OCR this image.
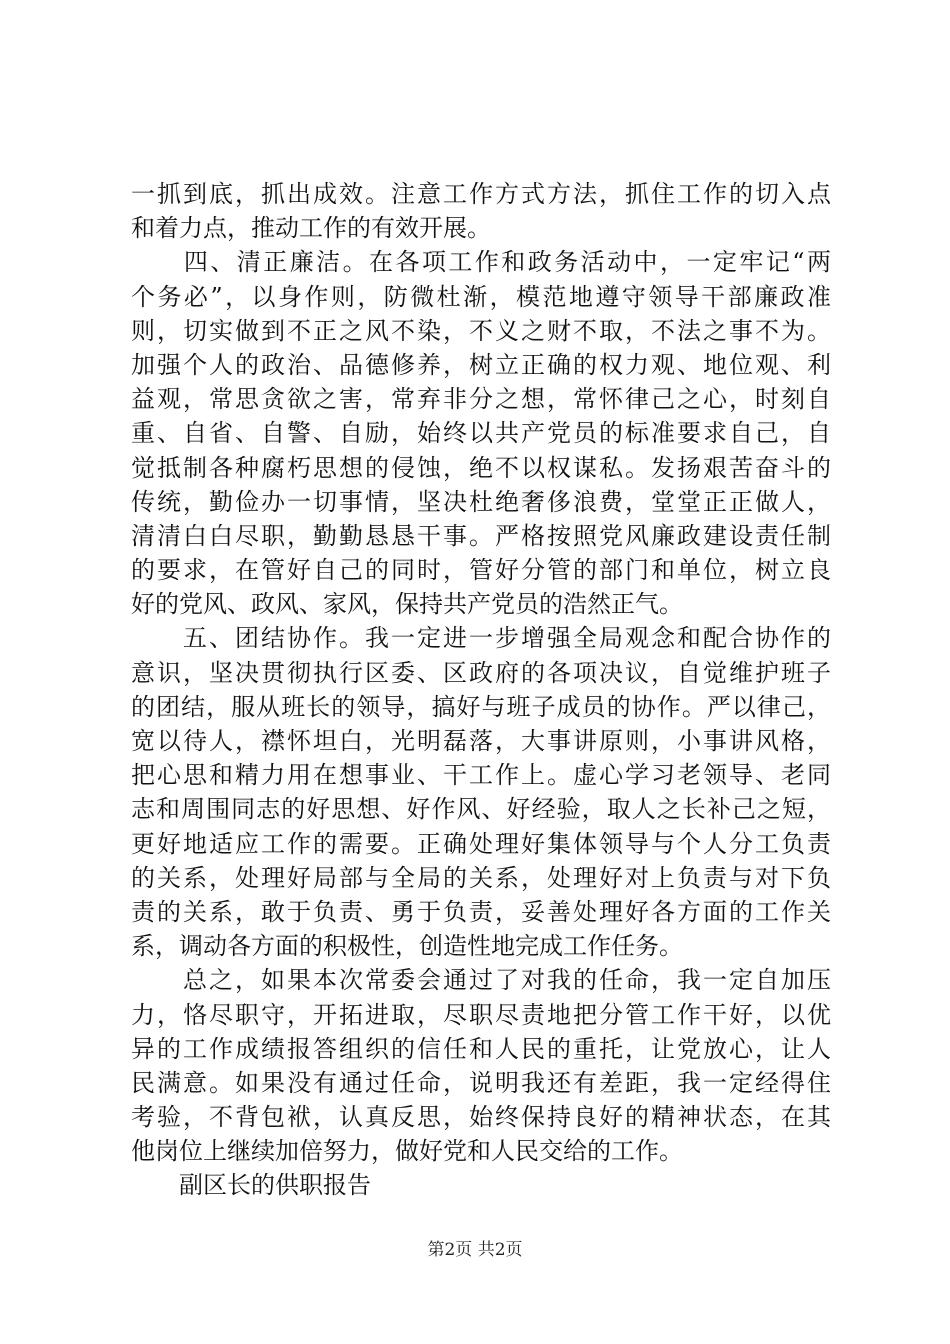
一抓到底，抓出成效。注意工作方式方法，抓住工作的切入点
和着力点，推动工作的有效开展。
　　四、清正廉洁。在各项工作和政务活动中，一定牢记“两
个务必”，以身作则，防微杜渐，模范地遵守领导干部廉政准
则，切实做到不正之风不染，不义之财不取，不法之事不为。
加强个人的政治、品德修养，树立正确的权力观、地位观、利
益观，常思贪欲之害，常弃非分之想，常怀律己之心，时刻自
重、自省、自警、自励，始终以共产党员的标准要求自己，自
觉抵制各种腐朽思想的侵蚀，绝不以权谋私。发扬艰苦奋斗的
传统，勤俭办一切事情，坚决杜绝奢侈浪费，堂堂正正做人，
清清白白尽职，勤勤恳恳干事。严格按照党风廉政建设责任制
的要求，在管好自己的同时，管好分管的部门和单位，树立良
好的党风、政风、家风，保持共产党员的浩然正气。
　　五、团结协作。我一定进一步增强全局观念和配合协作的
意识，坚决贯彻执行区委、区政府的各项决议，自觉维护班子
的团结，服从班长的领导，搞好与班子成员的协作。严以律己，
宽以待人，襟怀坦白，光明磊落，大事讲原则，小事讲风格，
把心思和精力用在想事业、干工作上。虚心学习老领导、老同
志和周围同志的好思想、好作风、好经验，取人之长补己之短，
更好地适应工作的需要。正确处理好集体领导与个人分工负责
的关系，处理好局部与全局的关系，处理好对上负责与对下负
责的关系，敢于负责、勇于负责，妥善处理好各方面的工作关
系，调动各方面的积极性，创造性地完成工作任务。
　　总之，如果本次常委会通过了对我的任命，我一定自加压
力，恪尽职守，开拓进取，尽职尽责地把分管工作干好，以优
异的工作成绩报答组织的信任和人民的重托，让党放心，让人
民满意。如果没有通过任命，说明我还有差距，我一定经得住
考验，不背包袱，认真反思，始终保持良好的精神状态，在其
他岗位上继续加倍努力，做好党和人民交给的工作。
　　副区长的供职报告
第2页 共2页
